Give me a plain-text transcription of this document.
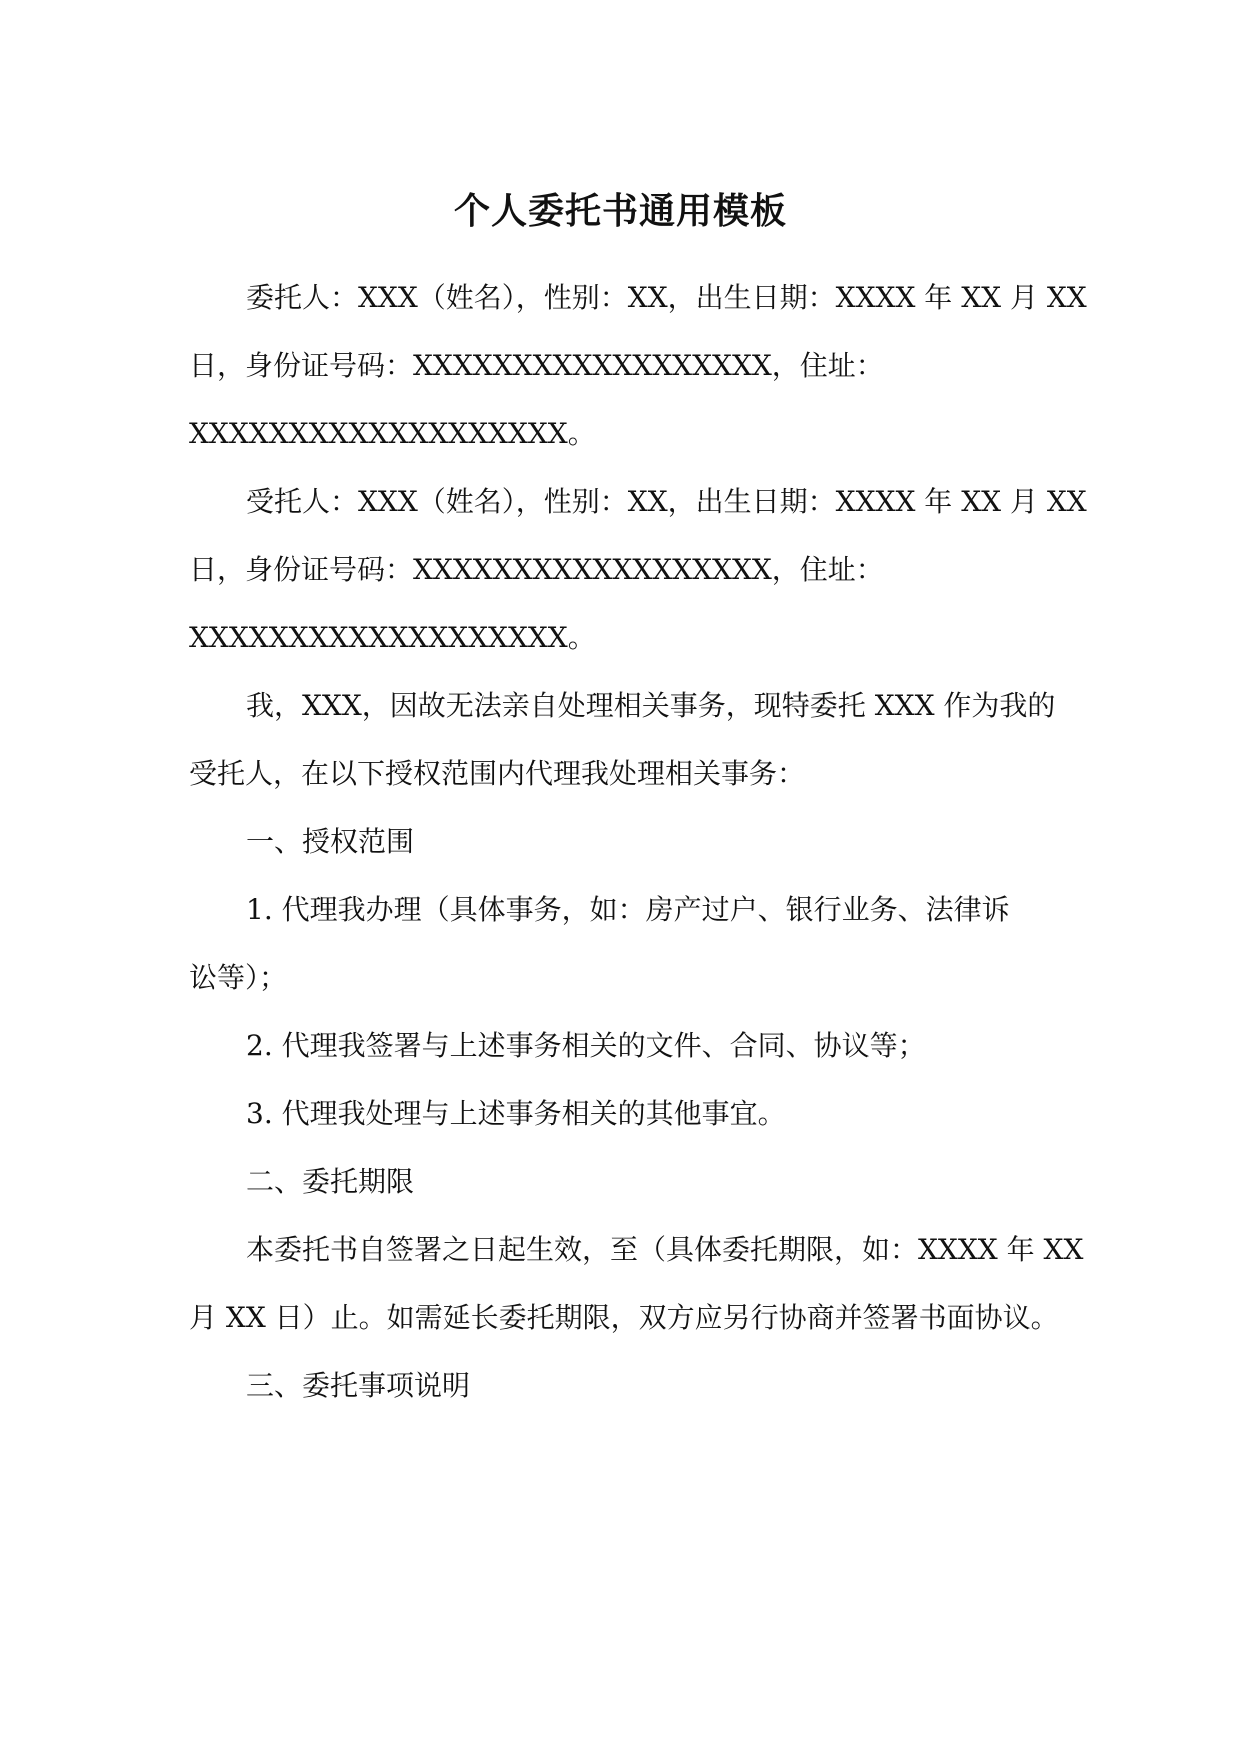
个人委托书通用模板
委托人：XXX（姓名），性别：XX，出生日期：XXXX 年 XX 月 XX
日，身份证号码：XXXXXXXXXXXXXXXXXX，住址：
XXXXXXXXXXXXXXXXXXX。
受托人：XXX（姓名），性别：XX，出生日期：XXXX 年 XX 月 XX
日，身份证号码：XXXXXXXXXXXXXXXXXX，住址：
XXXXXXXXXXXXXXXXXXX。
我，XXX，因故无法亲自处理相关事务，现特委托 XXX 作为我的
受托人，在以下授权范围内代理我处理相关事务：
一、授权范围
1. 代理我办理（具体事务，如：房产过户、银行业务、法律诉
讼等）；
2. 代理我签署与上述事务相关的文件、合同、协议等；
3. 代理我处理与上述事务相关的其他事宜。
二、委托期限
本委托书自签署之日起生效，至（具体委托期限，如：XXXX 年 XX
月 XX 日）止。如需延长委托期限，双方应另行协商并签署书面协议。
三、委托事项说明
